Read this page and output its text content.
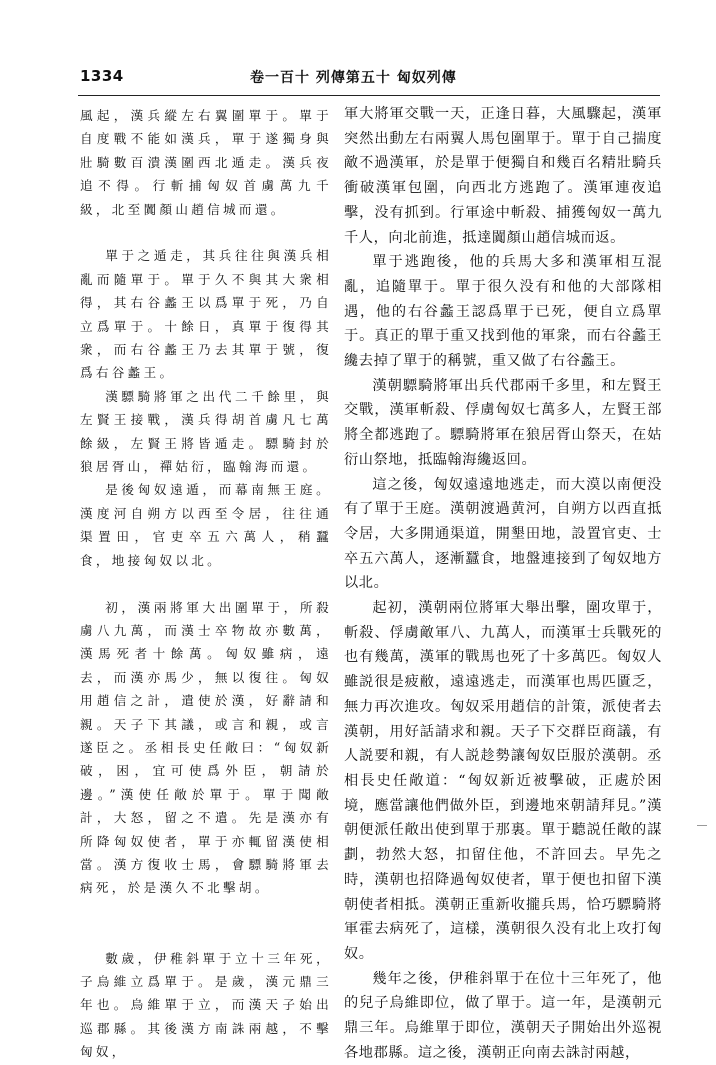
1334	卷一百十 列傳第五十 匈奴列傳

風起，漢兵縱左右翼圍單于。單于自度戰不能如漢兵，單于遂獨身與壯騎數百潰漢圍西北遁走。漢兵夜追不得。行斬捕匈奴首虜萬九千級，北至闐顏山趙信城而還。

單于之遁走，其兵往往與漢兵相亂而隨單于。單于久不與其大衆相得，其右谷蠡王以爲單于死，乃自立爲單于。十餘日，真單于復得其衆，而右谷蠡王乃去其單于號，復爲右谷蠡王。

漢驃騎將軍之出代二千餘里，與左賢王接戰，漢兵得胡首虜凡七萬餘級，左賢王將皆遁走。驃騎封於狼居胥山，禪姑衍，臨翰海而還。

是後匈奴遠遁，而幕南無王庭。漢度河自朔方以西至令居，往往通渠置田，官吏卒五六萬人，稍蠶食，地接匈奴以北。

初，漢兩將軍大出圍單于，所殺虜八九萬，而漢士卒物故亦數萬，漢馬死者十餘萬。匈奴雖病，遠去，而漢亦馬少，無以復往。匈奴用趙信之計，遣使於漢，好辭請和親。天子下其議，或言和親，或言遂臣之。丞相長史任敞曰：“匈奴新破，困，宜可使爲外臣，朝請於邊。”漢使任敞於單于。單于聞敞計，大怒，留之不遣。先是漢亦有所降匈奴使者，單于亦輒留漢使相當。漢方復收士馬，會驃騎將軍去病死，於是漢久不北擊胡。

數歲，伊稚斜單于立十三年死，子烏維立爲單于。是歲，漢元鼎三年也。烏維單于立，而漢天子始出巡郡縣。其後漢方南誅兩越，不擊匈奴，

軍大將軍交戰一天，正逢日暮，大風驟起，漢軍突然出動左右兩翼人馬包圍單于。單于自己揣度敵不過漢軍，於是單于便獨自和幾百名精壯騎兵衝破漢軍包圍，向西北方逃跑了。漢軍連夜追擊，没有抓到。行軍途中斬殺、捕獲匈奴一萬九千人，向北前進，抵達闐顏山趙信城而返。

單于逃跑後，他的兵馬大多和漢軍相互混亂，追隨單于。單于很久没有和他的大部隊相遇，他的右谷蠡王認爲單于已死，便自立爲單于。真正的單于重又找到他的軍衆，而右谷蠡王纔去掉了單于的稱號，重又做了右谷蠡王。

漢朝驃騎將軍出兵代郡兩千多里，和左賢王交戰，漢軍斬殺、俘虜匈奴七萬多人，左賢王部將全都逃跑了。驃騎將軍在狼居胥山祭天，在姑衍山祭地，抵臨翰海纔返回。

這之後，匈奴遠遠地逃走，而大漠以南便没有了單于王庭。漢朝渡過黄河，自朔方以西直抵令居，大多開通渠道，開墾田地，設置官吏、士卒五六萬人，逐漸蠶食，地盤連接到了匈奴地方以北。

起初，漢朝兩位將軍大舉出擊，圍攻單于，斬殺、俘虜敵軍八、九萬人，而漢軍士兵戰死的也有幾萬，漢軍的戰馬也死了十多萬匹。匈奴人雖説很是疲敝，遠遠逃走，而漢軍也馬匹匱乏，無力再次進攻。匈奴采用趙信的計策，派使者去漢朝，用好話請求和親。天子下交群臣商議，有人説要和親，有人説趁勢讓匈奴臣服於漢朝。丞相長史任敞道：“匈奴新近被擊破，正處於困境，應當讓他們做外臣，到邊地來朝請拜見。”漢朝便派任敞出使到單于那裏。單于聽説任敞的謀劃，勃然大怒，扣留住他，不許回去。早先之時，漢朝也招降過匈奴使者，單于便也扣留下漢朝使者相抵。漢朝正重新收攏兵馬，恰巧驃騎將軍霍去病死了，這樣，漢朝很久没有北上攻打匈奴。

幾年之後，伊稚斜單于在位十三年死了，他的兒子烏維即位，做了單于。這一年，是漢朝元鼎三年。烏維單于即位，漢朝天子開始出外巡視各地郡縣。這之後，漢朝正向南去誅討兩越，
